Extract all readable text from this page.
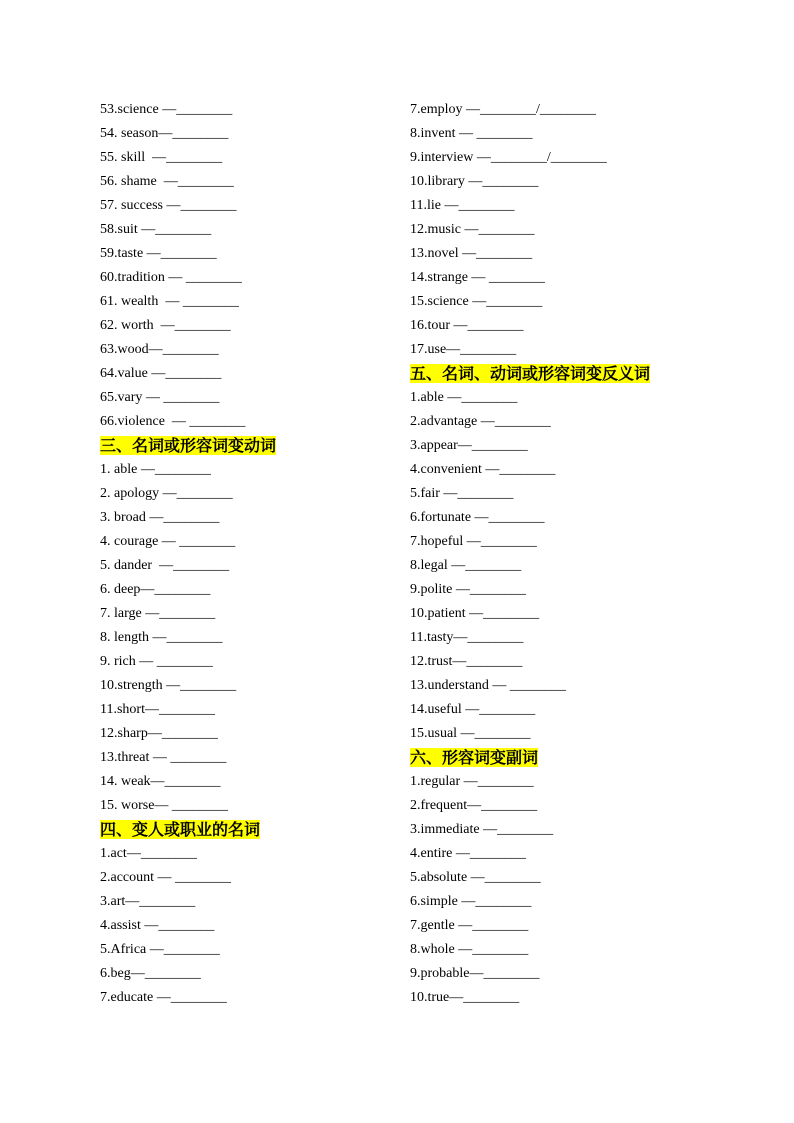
53.science —________
54. season—________
55. skill  —________
56. shame  —________
57. success —________
58.suit —________
59.taste —________
60.tradition — ________
61. wealth  — ________
62. worth  —________
63.wood—________
64.value —________
65.vary — ________
66.violence  — ________
三、名词或形容词变动词
1. able —________
2. apology —________
3. broad —________
4. courage — ________
5. dander  —________
6. deep—________
7. large —________
8. length —________
9. rich — ________
10.strength —________
11.short—________
12.sharp—________
13.threat — ________
14. weak—________
15. worse— ________
四、变人或职业的名词
1.act—________
2.account — ________
3.art—________
4.assist —________
5.Africa —________
6.beg—________
7.educate —________
7.employ —________/________
8.invent — ________
9.interview —________/________
10.library —________
11.lie —________
12.music —________
13.novel —________
14.strange — ________
15.science —________
16.tour —________
17.use—________
五、名词、动词或形容词变反义词
1.able —________
2.advantage —________
3.appear—________
4.convenient —________
5.fair —________
6.fortunate —________
7.hopeful —________
8.legal —________
9.polite —________
10.patient —________
11.tasty—________
12.trust—________
13.understand — ________
14.useful —________
15.usual —________
六、形容词变副词
1.regular —________
2.frequent—________
3.immediate —________
4.entire —________
5.absolute —________
6.simple —________
7.gentle —________
8.whole —________
9.probable—________
10.true—________
